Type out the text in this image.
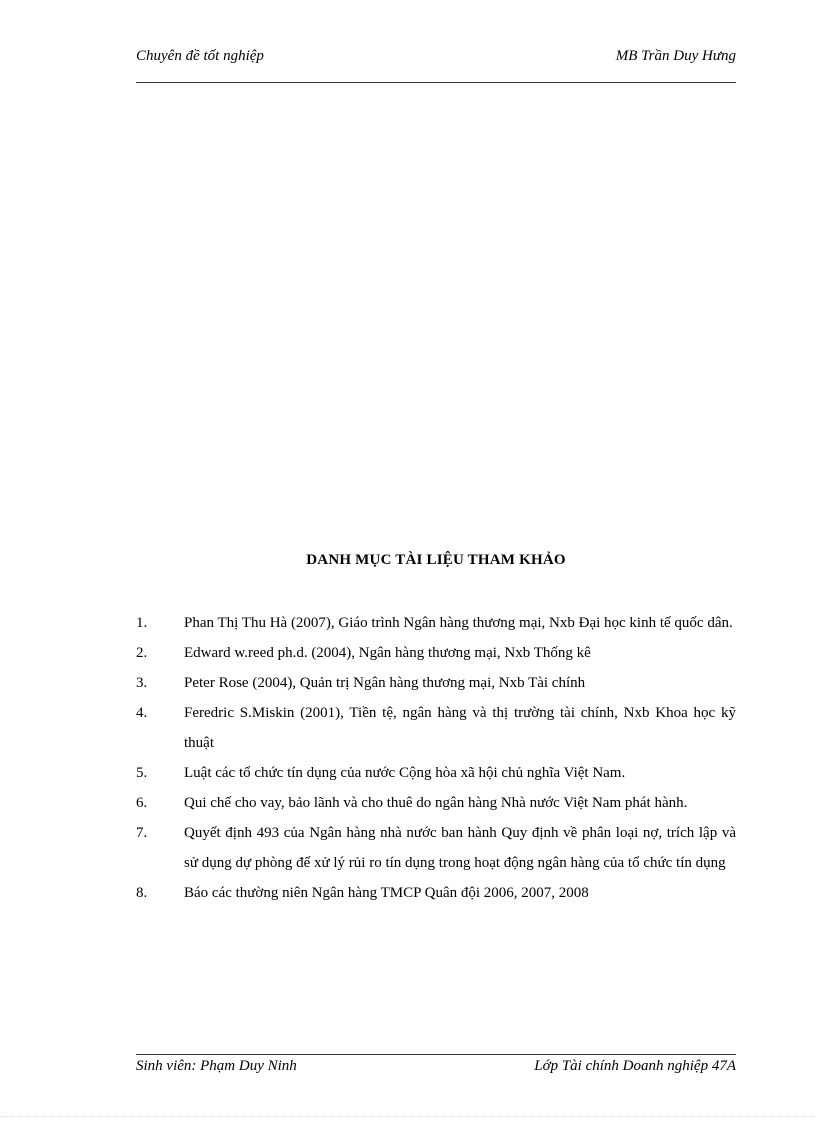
Chuyên đề tốt nghiệp	MB Trần Duy Hưng
DANH MỤC TÀI LIỆU THAM KHẢO
1. Phan Thị Thu Hà (2007), Giáo trình Ngân hàng thương mại, Nxb Đại học kinh tế quốc dân.
2. Edward w.reed ph.d. (2004), Ngân hàng thương mại, Nxb Thống kê
3. Peter Rose (2004), Quản trị Ngân hàng thương mại, Nxb Tài chính
4. Feredric S.Miskin (2001), Tiền tệ, ngân hàng và thị trường tài chính, Nxb Khoa học kỹ thuật
5. Luật các tổ chức tín dụng của nước Cộng hòa xã hội chủ nghĩa Việt Nam.
6. Qui chế cho vay, bảo lãnh và cho thuê do ngân hàng Nhà nước Việt Nam phát hành.
7. Quyết định 493 của Ngân hàng nhà nước ban hành Quy định về phân loại nợ, trích lập và sử dụng dự phòng để xử lý rủi ro tín dụng trong hoạt động ngân hàng của tổ chức tín dụng
8. Báo các thường niên Ngân hàng TMCP Quân đội 2006, 2007, 2008
Sinh viên: Phạm Duy Ninh	Lớp Tài chính Doanh nghiệp 47A
